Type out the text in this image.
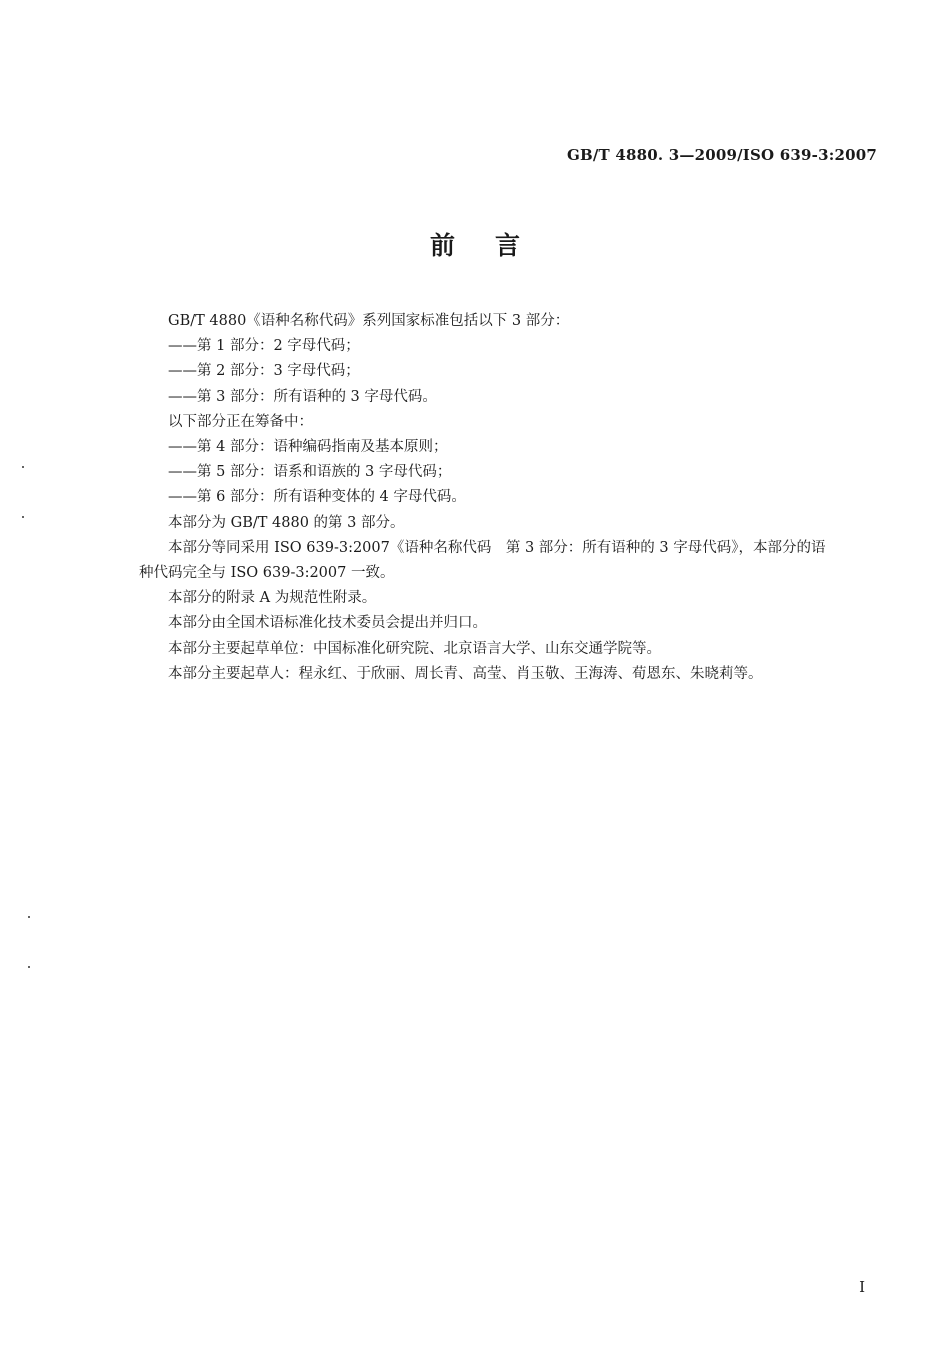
GB/T 4880. 3—2009/ISO 639-3:2007
前言

GB/T 4880《语种名称代码》系列国家标准包括以下 3 部分：

——第 1 部分：2 字母代码；

——第 2 部分：3 字母代码；

——第 3 部分：所有语种的 3 字母代码。

以下部分正在筹备中：

——第 4 部分：语种编码指南及基本原则；

——第 5 部分：语系和语族的 3 字母代码；

——第 6 部分：所有语种变体的 4 字母代码。

本部分为 GB/T 4880 的第 3 部分。

本部分等同采用 ISO 639-3:2007《语种名称代码　第 3 部分：所有语种的 3 字母代码》，本部分的语

种代码完全与 ISO 639-3:2007 一致。

本部分的附录 A 为规范性附录。

本部分由全国术语标准化技术委员会提出并归口。

本部分主要起草单位：中国标准化研究院、北京语言大学、山东交通学院等。

本部分主要起草人：程永红、于欣丽、周长青、高莹、肖玉敬、王海涛、荀恩东、朱晓莉等。

I
